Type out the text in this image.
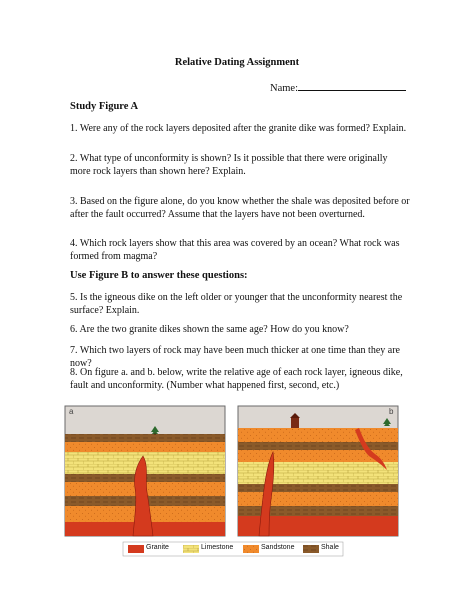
Relative Dating Assignment
Name:
Study Figure A
1. Were any of the rock layers deposited after the granite dike was formed? Explain.
2. What type of unconformity is shown? Is it possible that there were originally more rock layers than shown here? Explain.
3. Based on the figure alone, do you know whether the shale was deposited before or after the fault occurred? Assume that the layers have not been overturned.
4. Which rock layers show that this area was covered by an ocean? What rock was formed from magma?
Use Figure B to answer these questions:
5. Is the igneous dike on the left older or younger that the unconformity nearest the surface? Explain.
6. Are the two granite dikes shown the same age? How do you know?
7. Which two layers of rock may have been much thicker at one time than they are now?
8. On figure a. and b. below, write the relative age of each rock layer, igneous dike, fault and unconformity. (Number what happened first, second, etc.)
a	b
Granite	Limestone	Sandstone	Shale
